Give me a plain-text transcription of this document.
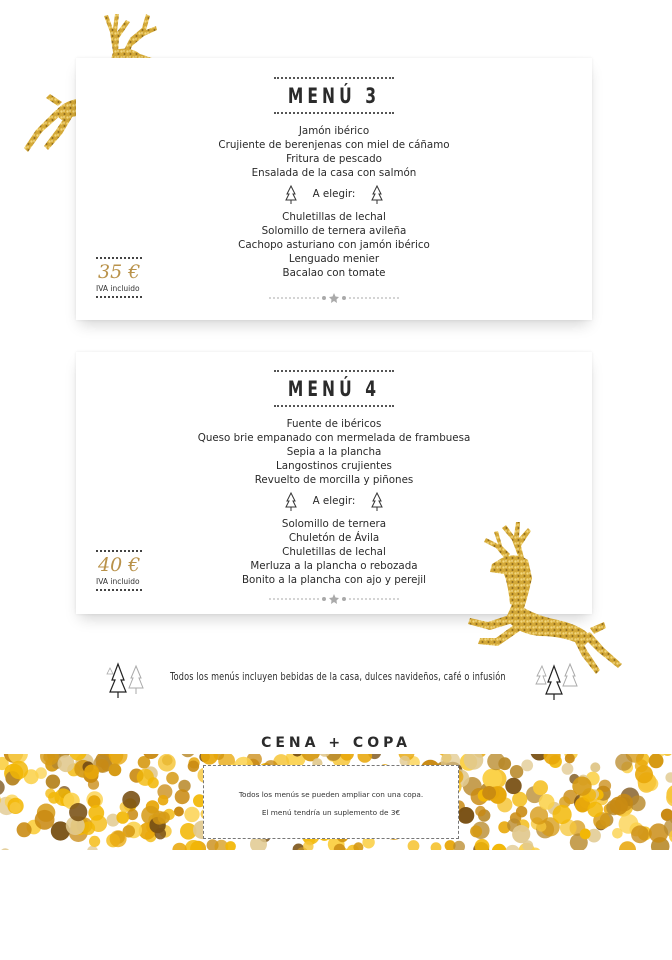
MENÚ 3
Jamón ibérico
Crujiente de berenjenas con miel de cáñamo
Fritura de pescado
Ensalada de la casa con salmón
A elegir:
Chuletillas de lechal
Solomillo de ternera avileña
Cachopo asturiano con jamón ibérico
Lenguado menier
Bacalao con tomate
35 €
IVA incluido
MENÚ 4
Fuente de ibéricos
Queso brie empanado con mermelada de frambuesa
Sepia a la plancha
Langostinos crujientes
Revuelto de morcilla y piñones
A elegir:
Solomillo de ternera
Chuletón de Ávila
Chuletillas de lechal
Merluza a la plancha o rebozada
Bonito a la plancha con ajo y perejil
40 €
IVA incluido
Todos los menús incluyen bebidas de la casa, dulces navideños, café o infusión
CENA + COPA
Todos los menús se pueden ampliar con una copa.
El menú tendría un suplemento de 3€
